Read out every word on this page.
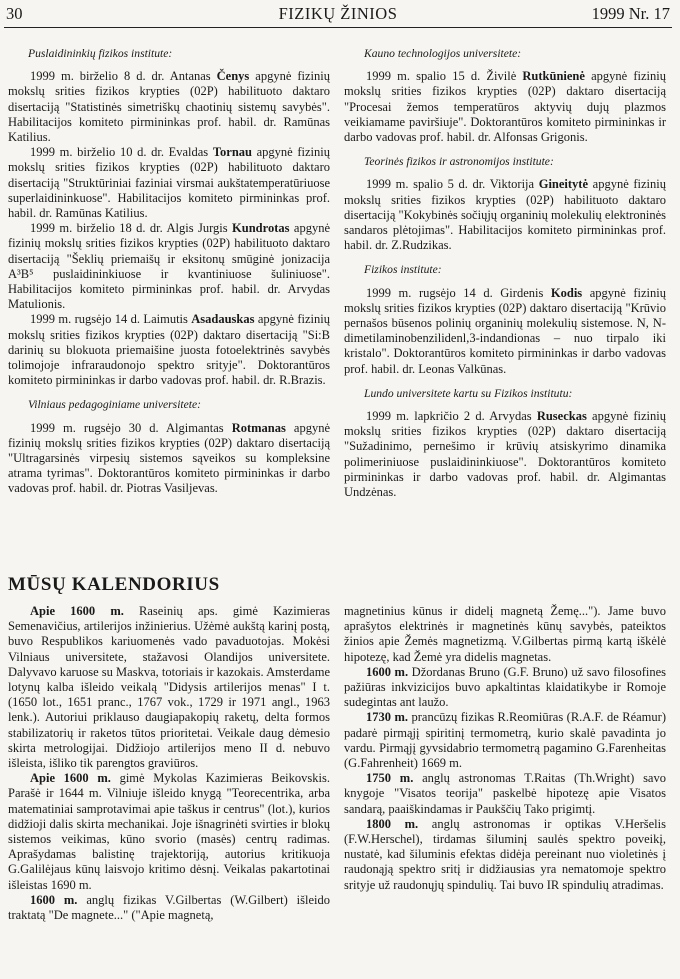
30	FIZIKŲ ŽINIOS	1999 Nr. 17
Puslaidininkių fizikos institute:

1999 m. birželio 8 d. dr. Antanas Čenys apgynė fizinių mokslų srities fizikos krypties (02P) habilituoto daktaro disertaciją "Statistinės simetriškų chaotinių sistemų savybės". Habilitacijos komiteto pirmininkas prof. habil. dr. Ramūnas Katilius.

1999 m. birželio 10 d. dr. Evaldas Tornau apgynė fizinių mokslų srities fizikos krypties (02P) habilituoto daktaro disertaciją "Struktūriniai faziniai virsmai aukštatemperatūriuose superlaidininkuose". Habilitacijos komiteto pirmininkas prof. habil. dr. Ramūnas Katilius.

1999 m. birželio 18 d. dr. Algis Jurgis Kundrotas apgynė fizinių mokslų srities fizikos krypties (02P) habilituoto daktaro disertaciją "Šeklių priemaišų ir eksitonų smūginė jonizacija A³B⁵ puslaidininkiuose ir kvantiniuose šuliniuose". Habilitacijos komiteto pirmininkas prof. habil. dr. Arvydas Matulionis.

1999 m. rugsėjo 14 d. Laimutis Asadauskas apgynė fizinių mokslų srities fizikos krypties (02P) daktaro disertaciją "Si:B darinių su blokuota priemaišine juosta fotoelektrinės savybės tolimojoje infraraudonojo spektro srityje". Doktorantūros komiteto pirmininkas ir darbo vadovas prof. habil. dr. R.Brazis.

Vilniaus pedagoginiame universitete:

1999 m. rugsėjo 30 d. Algimantas Rotmanas apgynė fizinių mokslų srities fizikos krypties (02P) daktaro disertaciją "Ultragarsinės virpesių sistemos sąveikos su kompleksine atrama tyrimas". Doktorantūros komiteto pirmininkas ir darbo vadovas prof. habil. dr. Piotras Vasiljevas.

Kauno technologijos universitete:

1999 m. spalio 15 d. Živilė Rutkūnienė apgynė fizinių mokslų srities fizikos krypties (02P) daktaro disertaciją "Procesai žemos temperatūros aktyvių dujų plazmos veikiamame paviršiuje". Doktorantūros komiteto pirmininkas ir darbo vadovas prof. habil. dr. Alfonsas Grigonis.

Teorinės fizikos ir astronomijos institute:

1999 m. spalio 5 d. dr. Viktorija Gineitytė apgynė fizinių mokslų srities fizikos krypties (02P) habilituoto daktaro disertaciją "Kokybinės sočiųjų organinių molekulių elektroninės sandaros plėtojimas". Habilitacijos komiteto pirmininkas prof. habil. dr. Z.Rudzikas.

Fizikos institute:

1999 m. rugsėjo 14 d. Girdenis Kodis apgynė fizinių mokslų srities fizikos krypties (02P) daktaro disertaciją "Krūvio pernašos būsenos polinių organinių molekulių sistemose. N, N-dimetilaminobenzilidenl,3-indandionas – nuo tirpalo iki kristalo". Doktorantūros komiteto pirmininkas ir darbo vadovas prof. habil. dr. Leonas Valkūnas.

Lundo universitete kartu su Fizikos institutu:

1999 m. lapkričio 2 d. Arvydas Ruseckas apgynė fizinių mokslų srities fizikos krypties (02P) daktaro disertaciją "Sužadinimo, pernešimo ir krūvių atsiskyrimo dinamika polimeriniuose puslaidininkiuose". Doktorantūros komiteto pirmininkas ir darbo vadovas prof. habil. dr. Algimantas Undzėnas.

MŪSŲ KALENDORIUS

Apie 1600 m. Raseinių aps. gimė Kazimieras Semenavičius, artilerijos inžinierius. Užėmė aukštą karinį postą, buvo Respublikos kariuomenės vado pavaduotojas. Mokėsi Vilniaus universitete, stažavosi Olandijos universitete. Dalyvavo karuose su Maskva, totoriais ir kazokais. Amsterdame lotynų kalba išleido veikalą "Didysis artilerijos menas" I t. (1650 lot., 1651 pranc., 1767 vok., 1729 ir 1971 angl., 1963 lenk.). Autoriui priklauso daugiapakopių raketų, delta formos stabilizatorių ir raketos tūtos prioritetai. Veikale daug dėmesio skirta metrologijai. Didžiojo artilerijos meno II d. nebuvo išleista, išliko tik parengtos graviūros.

Apie 1600 m. gimė Mykolas Kazimieras Beikovskis. Parašė ir 1644 m. Vilniuje išleido knygą "Teorecentrika, arba matematiniai samprotavimai apie taškus ir centrus" (lot.), kurios didžioji dalis skirta mechanikai. Joje išnagrinėti svirties ir blokų sistemos veikimas, kūno svorio (masės) centrų radimas. Aprašydamas balistinę trajektoriją, autorius kritikuoja G.Galilėjaus kūnų laisvojo kritimo dėsnį. Veikalas pakartotinai išleistas 1690 m.

1600 m. anglų fizikas V.Gilbertas (W.Gilbert) išleido traktatą "De magnete..." ("Apie magnetą,

magnetinius kūnus ir didelį magnetą Žemę..."). Jame buvo aprašytos elektrinės ir magnetinės kūnų savybės, pateiktos žinios apie Žemės magnetizmą. V.Gilbertas pirmą kartą iškėlė hipotezę, kad Žemė yra didelis magnetas.

1600 m. Džordanas Bruno (G.F. Bruno) už savo filosofines pažiūras inkvizicijos buvo apkaltintas klaidatikybe ir Romoje sudegintas ant laužo.

1730 m. prancūzų fizikas R.Reomiūras (R.A.F. de Réamur) padarė pirmąjį spiritinį termometrą, kurio skalė pavadinta jo vardu. Pirmąjį gyvsidabrio termometrą pagamino G.Farenheitas (G.Fahrenheit) 1669 m.

1750 m. anglų astronomas T.Raitas (Th.Wright) savo knygoje "Visatos teorija" paskelbė hipotezę apie Visatos sandarą, paaiškindamas ir Paukščių Tako prigimtį.

1800 m. anglų astronomas ir optikas V.Heršelis (F.W.Herschel), tirdamas šiluminį saulės spektro poveikį, nustatė, kad šiluminis efektas didėja pereinant nuo violetinės į raudonąją spektro sritį ir didžiausias yra nematomoje spektro srityje už raudonųjų spindulių. Tai buvo IR spindulių atradimas.
